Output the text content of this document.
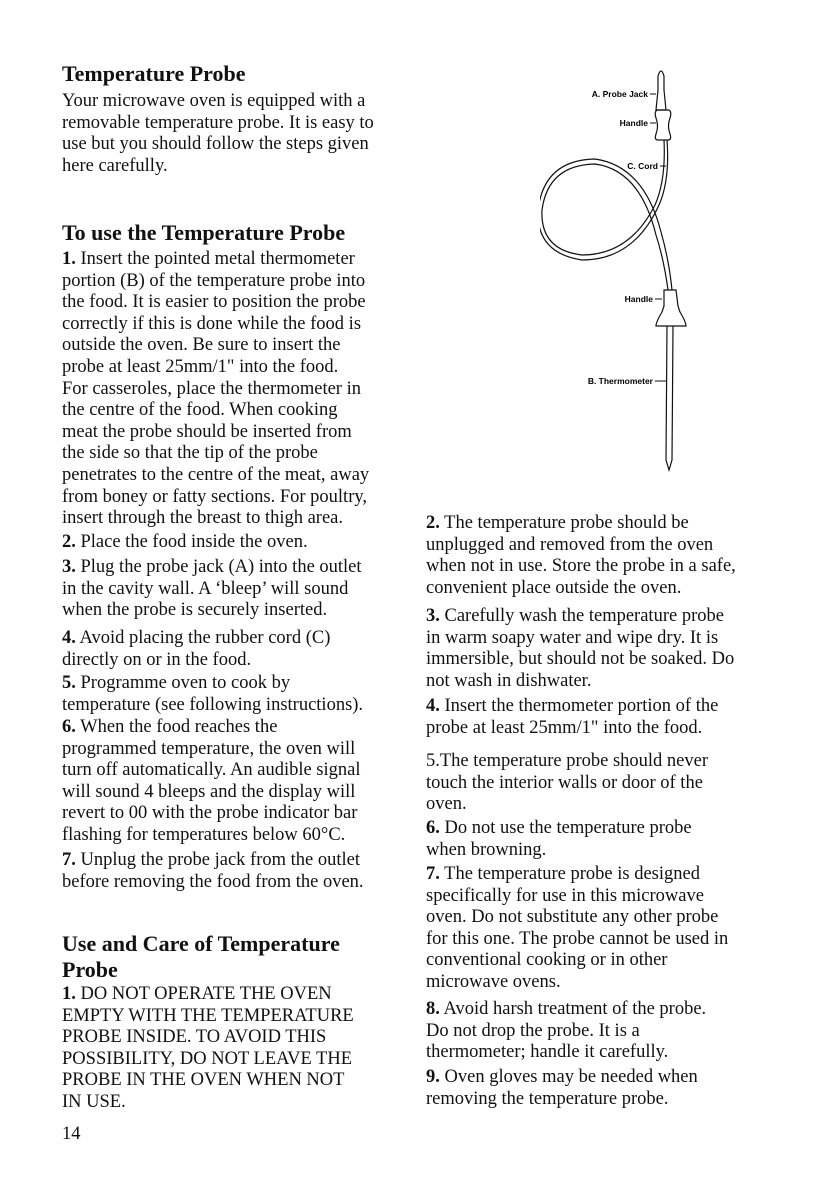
Temperature Probe
Your microwave oven is equipped with a
removable temperature probe. It is easy to
use but you should follow the steps given
here carefully.
To use the Temperature Probe
1. Insert the pointed metal thermometer
portion (B) of the temperature probe into
the food. It is easier to position the probe
correctly if this is done while the food is
outside the oven. Be sure to insert the
probe at least 25mm/1" into the food.
For casseroles, place the thermometer in
the centre of the food. When cooking
meat the probe should be inserted from
the side so that the tip of the probe
penetrates to the centre of the meat, away
from boney or fatty sections. For poultry,
insert through the breast to thigh area.
2. Place the food inside the oven.
3. Plug the probe jack (A) into the outlet
in the cavity wall. A ‘bleep’ will sound
when the probe is securely inserted.
4. Avoid placing the rubber cord (C)
directly on or in the food.
5. Programme oven to cook by
temperature (see following instructions).
6. When the food reaches the
programmed temperature, the oven will
turn off automatically. An audible signal
will sound 4 bleeps and the display will
revert to 00 with the probe indicator bar
flashing for temperatures below 60°C.
7. Unplug the probe jack from the outlet
before removing the food from the oven.
Use and Care of Temperature
Probe
1. DO NOT OPERATE THE OVEN
EMPTY WITH THE TEMPERATURE
PROBE INSIDE. TO AVOID THIS
POSSIBILITY, DO NOT LEAVE THE
PROBE IN THE OVEN WHEN NOT
IN USE.
14
2. The temperature probe should be
unplugged and removed from the oven
when not in use. Store the probe in a safe,
convenient place outside the oven.
3. Carefully wash the temperature probe
in warm soapy water and wipe dry. It is
immersible, but should not be soaked. Do
not wash in dishwater.
4. Insert the thermometer portion of the
probe at least 25mm/1" into the food.
5.The temperature probe should never
touch the interior walls or door of the
oven.
6. Do not use the temperature probe
when browning.
7. The temperature probe is designed
specifically for use in this microwave
oven. Do not substitute any other probe
for this one. The probe cannot be used in
conventional cooking or in other
microwave ovens.
8. Avoid harsh treatment of the probe.
Do not drop the probe. It is a
thermometer; handle it carefully.
9. Oven gloves may be needed when
removing the temperature probe.
A. Probe Jack
Handle
C. Cord
Handle
B. Thermometer
